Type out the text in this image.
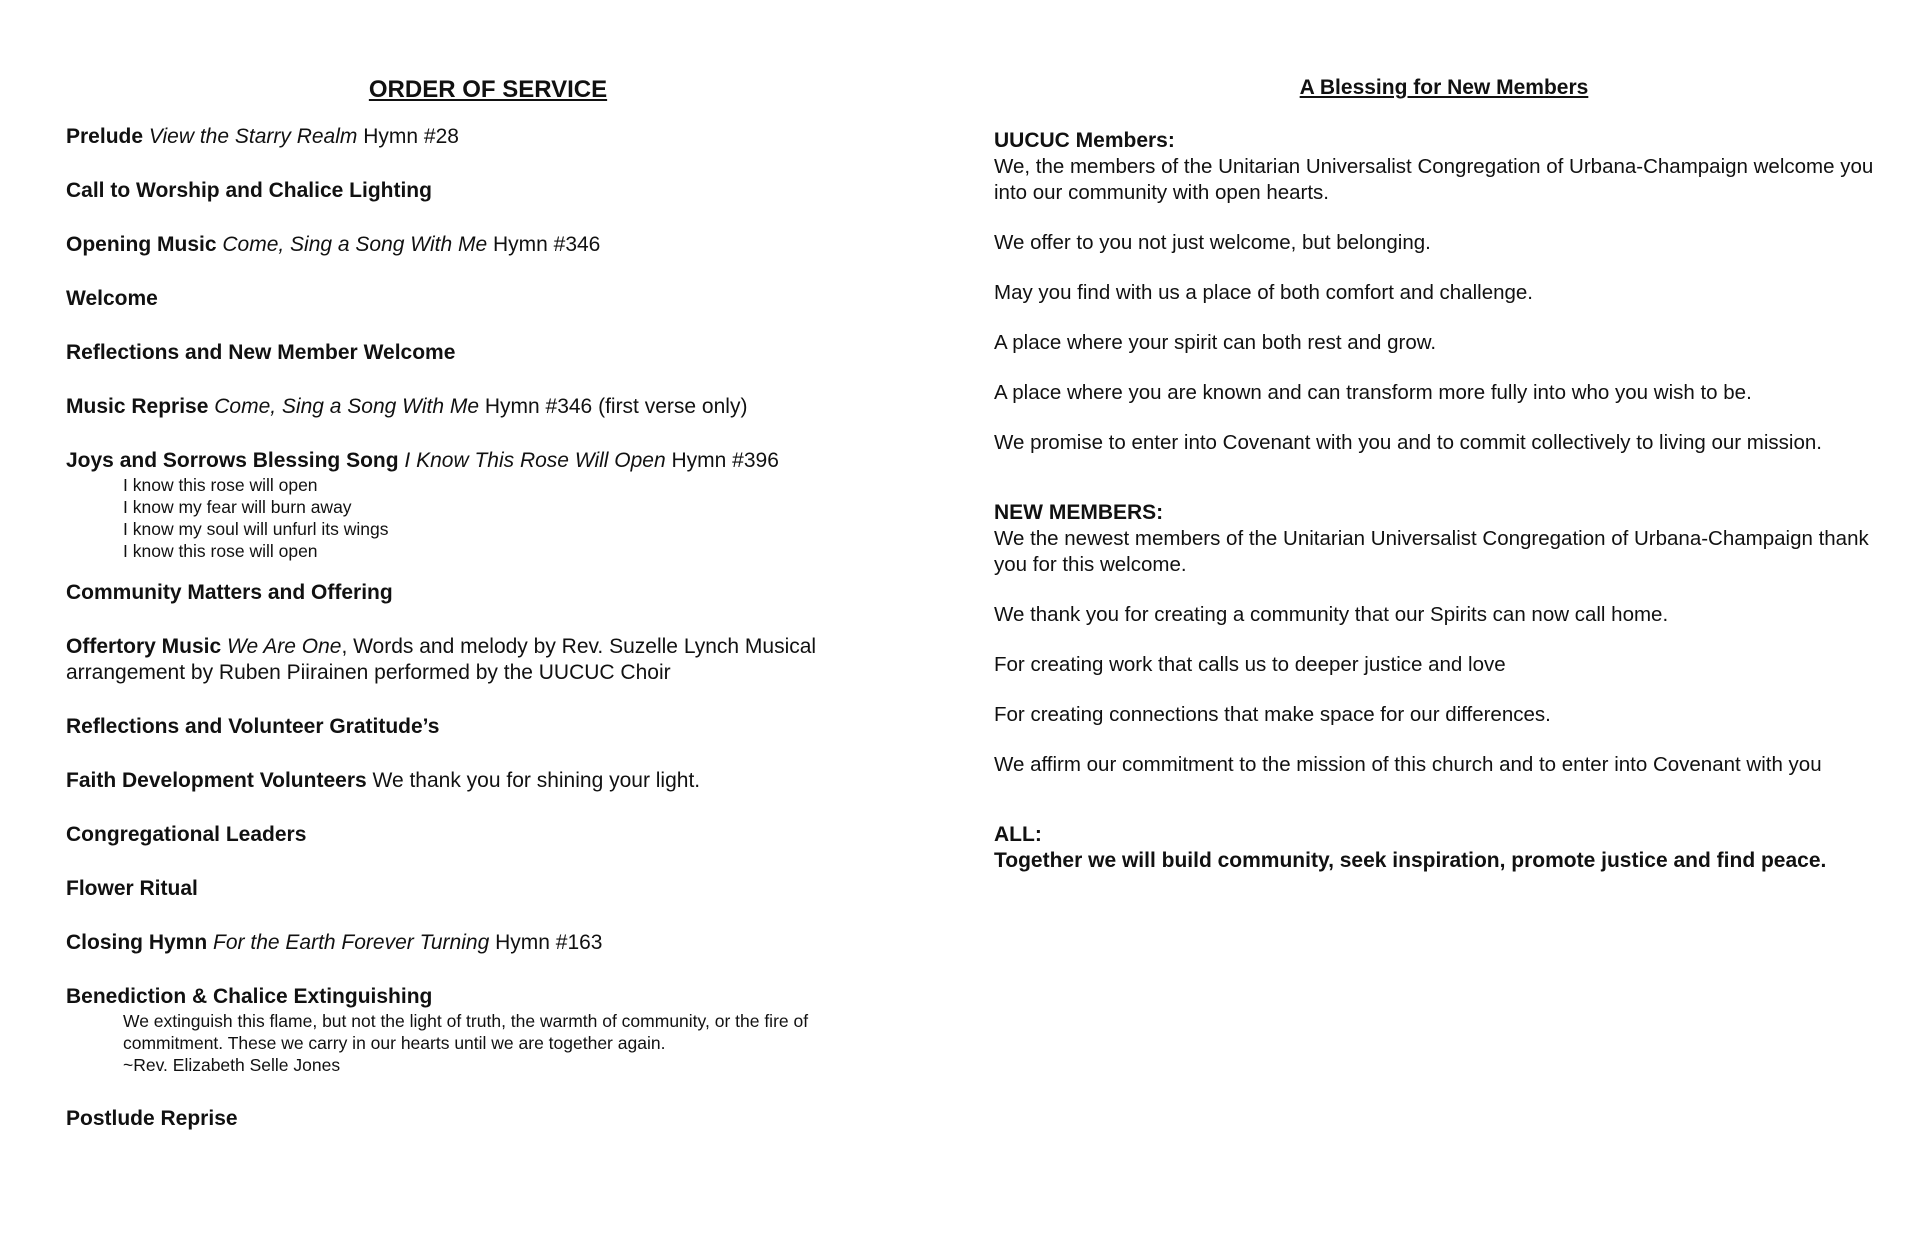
ORDER OF SERVICE
Prelude View the Starry Realm Hymn #28
Call to Worship and Chalice Lighting
Opening Music Come, Sing a Song With Me Hymn #346
Welcome
Reflections and New Member Welcome
Music Reprise Come, Sing a Song With Me Hymn #346 (first verse only)
Joys and Sorrows Blessing Song I Know This Rose Will Open Hymn #396
I know this rose will open
I know my fear will burn away
I know my soul will unfurl its wings
I know this rose will open
Community Matters and Offering
Offertory Music We Are One, Words and melody by Rev. Suzelle Lynch Musical arrangement by Ruben Piirainen performed by the UUCUC Choir
Reflections and Volunteer Gratitude’s
Faith Development Volunteers We thank you for shining your light.
Congregational Leaders
Flower Ritual
Closing Hymn For the Earth Forever Turning Hymn #163
Benediction & Chalice Extinguishing
We extinguish this flame, but not the light of truth, the warmth of community, or the fire of
commitment. These we carry in our hearts until we are together again.
~Rev. Elizabeth Selle Jones
Postlude Reprise
A Blessing for New Members
UUCUC Members:
We, the members of the Unitarian Universalist Congregation of Urbana-Champaign welcome you into our community with open hearts.
We offer to you not just welcome, but belonging.
May you find with us a place of both comfort and challenge.
A place where your spirit can both rest and grow.
A place where you are known and can transform more fully into who you wish to be.
We promise to enter into Covenant with you and to commit collectively to living our mission.
NEW MEMBERS:
We the newest members of the Unitarian Universalist Congregation of Urbana-Champaign thank you for this welcome.
We thank you for creating a community that our Spirits can now call home.
For creating work that calls us to deeper justice and love
For creating connections that make space for our differences.
We affirm our commitment to the mission of this church and to enter into Covenant with you
ALL:
Together we will build community, seek inspiration, promote justice and find peace.
